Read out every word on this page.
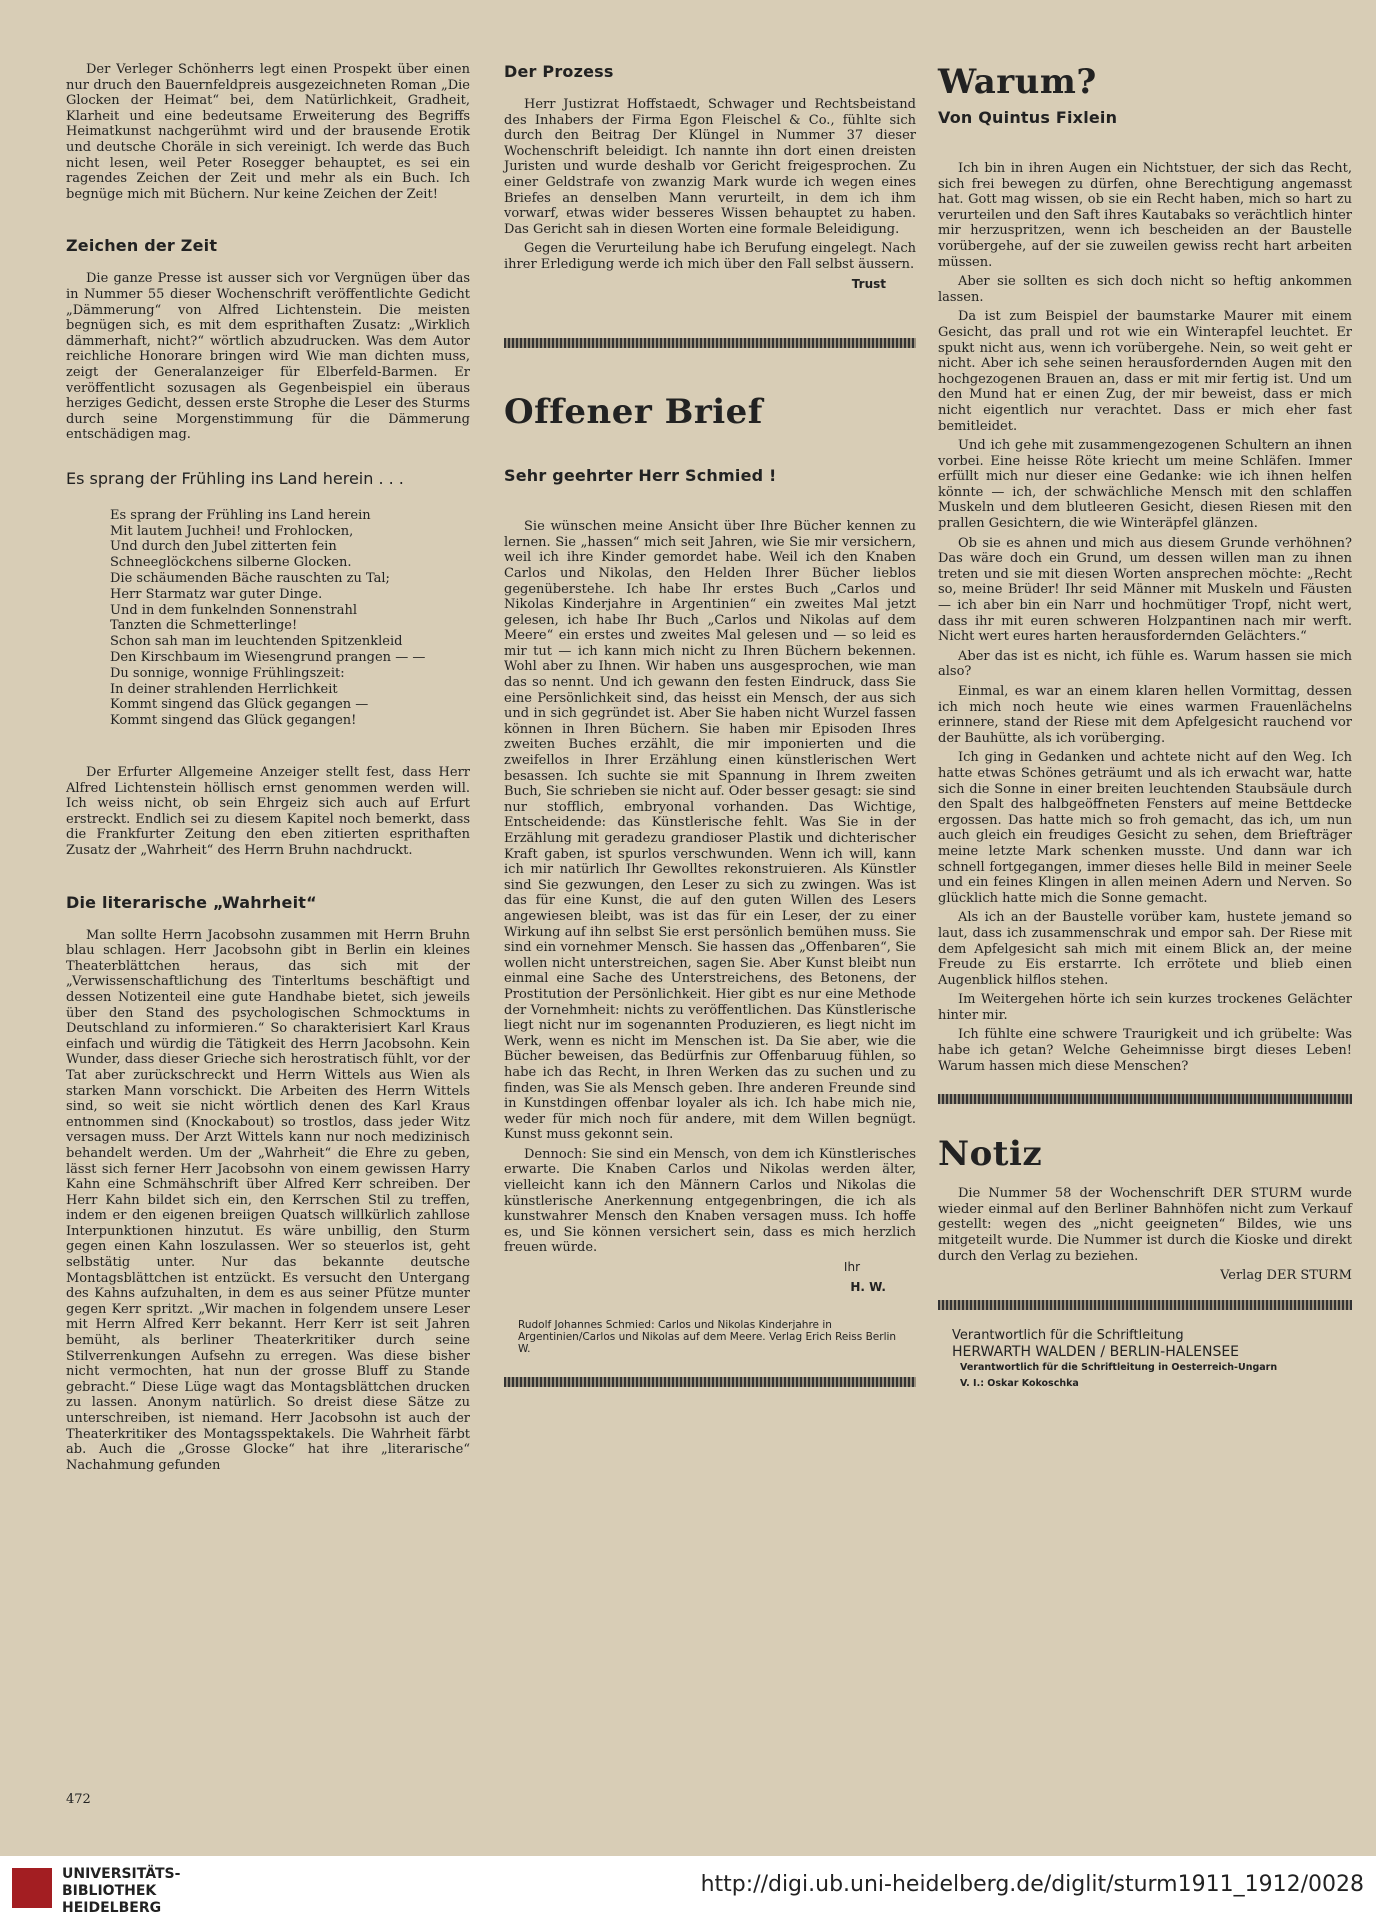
Der Verleger Schönherrs legt einen Prospekt über einen nur druch den Bauernfeldpreis ausgezeichneten Roman „Die Glocken der Heimat“ bei, dem Natürlichkeit, Gradheit, Klarheit und eine bedeutsame Erweiterung des Begriffs Heimatkunst nachgerühmt wird und der brausende Erotik und deutsche Choräle in sich vereinigt. Ich werde das Buch nicht lesen, weil Peter Rosegger behauptet, es sei ein ragendes Zeichen der Zeit und mehr als ein Buch. Ich begnüge mich mit Büchern. Nur keine Zeichen der Zeit!

Zeichen der Zeit

Die ganze Presse ist ausser sich vor Vergnügen über das in Nummer 55 dieser Wochenschrift veröffentlichte Gedicht „Dämmerung“ von Alfred Lichtenstein. Die meisten begnügen sich, es mit dem esprithaften Zusatz: „Wirklich dämmerhaft, nicht?“ wörtlich abzudrucken. Was dem Autor reichliche Honorare bringen wird Wie man dichten muss, zeigt der Generalanzeiger für Elberfeld-Barmen. Er veröffentlicht sozusagen als Gegenbeispiel ein überaus herziges Gedicht, dessen erste Strophe die Leser des Sturms durch seine Morgenstimmung für die Dämmerung entschädigen mag.

Es sprang der Frühling ins Land herein . . .
Es sprang der Frühling ins Land herein
Mit lautem Juchhei! und Frohlocken,
Und durch den Jubel zitterten fein
Schneeglöckchens silberne Glocken.
Die schäumenden Bäche rauschten zu Tal;
Herr Starmatz war guter Dinge.
Und in dem funkelnden Sonnenstrahl
Tanzten die Schmetterlinge!
Schon sah man im leuchtenden Spitzenkleid
Den Kirschbaum im Wiesengrund prangen — —
Du sonnige, wonnige Frühlingszeit:
In deiner strahlenden Herrlichkeit
Kommt singend das Glück gegangen —
Kommt singend das Glück gegangen!

Der Erfurter Allgemeine Anzeiger stellt fest, dass Herr Alfred Lichtenstein höllisch ernst genommen werden will. Ich weiss nicht, ob sein Ehrgeiz sich auch auf Erfurt erstreckt. Endlich sei zu diesem Kapitel noch bemerkt, dass die Frankfurter Zeitung den eben zitierten esprithaften Zusatz der „Wahrheit“ des Herrn Bruhn nachdruckt.

Die literarische „Wahrheit“

Man sollte Herrn Jacobsohn zusammen mit Herrn Bruhn blau schlagen. Herr Jacobsohn gibt in Berlin ein kleines Theaterblättchen heraus, das sich mit der „Verwissenschaftlichung des Tinterltums beschäftigt und dessen Notizenteil eine gute Handhabe bietet, sich jeweils über den Stand des psychologischen Schmocktums in Deutschland zu informieren.“ So charakterisiert Karl Kraus einfach und würdig die Tätigkeit des Herrn Jacobsohn. Kein Wunder, dass dieser Grieche sich herostratisch fühlt, vor der Tat aber zurückschreckt und Herrn Wittels aus Wien als starken Mann vorschickt. Die Arbeiten des Herrn Wittels sind, so weit sie nicht wörtlich denen des Karl Kraus entnommen sind (Knockabout) so trostlos, dass jeder Witz versagen muss. Der Arzt Wittels kann nur noch medizinisch behandelt werden. Um der „Wahrheit“ die Ehre zu geben, lässt sich ferner Herr Jacobsohn von einem gewissen Harry Kahn eine Schmähschrift über Alfred Kerr schreiben. Der Herr Kahn bildet sich ein, den Kerrschen Stil zu treffen, indem er den eigenen breiigen Quatsch willkürlich zahllose Interpunktionen hinzutut. Es wäre unbillig, den Sturm gegen einen Kahn loszulassen. Wer so steuerlos ist, geht selbstätig unter. Nur das bekannte deutsche Montagsblättchen ist entzückt. Es versucht den Untergang des Kahns aufzuhalten, in dem es aus seiner Pfütze munter gegen Kerr spritzt. „Wir machen in folgendem unsere Leser mit Herrn Alfred Kerr bekannt. Herr Kerr ist seit Jahren bemüht, als berliner Theaterkritiker durch seine Stilverrenkungen Aufsehn zu erregen. Was diese bisher nicht vermochten, hat nun der grosse Bluff zu Stande gebracht.“ Diese Lüge wagt das Montagsblättchen drucken zu lassen. Anonym natürlich. So dreist diese Sätze zu unterschreiben, ist niemand. Herr Jacobsohn ist auch der Theaterkritiker des Montagsspektakels. Die Wahrheit färbt ab. Auch die „Grosse Glocke“ hat ihre „literarische“ Nachahmung gefunden

472
Der Prozess

Herr Justizrat Hoffstaedt, Schwager und Rechtsbeistand des Inhabers der Firma Egon Fleischel & Co., fühlte sich durch den Beitrag Der Klüngel in Nummer 37 dieser Wochenschrift beleidigt. Ich nannte ihn dort einen dreisten Juristen und wurde deshalb vor Gericht freigesprochen. Zu einer Geldstrafe von zwanzig Mark wurde ich wegen eines Briefes an denselben Mann verurteilt, in dem ich ihm vorwarf, etwas wider besseres Wissen behauptet zu haben. Das Gericht sah in diesen Worten eine formale Beleidigung.

Gegen die Verurteilung habe ich Berufung eingelegt. Nach ihrer Erledigung werde ich mich über den Fall selbst äussern.

Trust

Offener Brief
Sehr geehrter Herr Schmied !

Sie wünschen meine Ansicht über Ihre Bücher kennen zu lernen. Sie „hassen“ mich seit Jahren, wie Sie mir versichern, weil ich ihre Kinder gemordet habe. Weil ich den Knaben Carlos und Nikolas, den Helden Ihrer Bücher lieblos gegenüberstehe. Ich habe Ihr erstes Buch „Carlos und Nikolas Kinderjahre in Argentinien“ ein zweites Mal jetzt gelesen, ich habe Ihr Buch „Carlos und Nikolas auf dem Meere“ ein erstes und zweites Mal gelesen und — so leid es mir tut — ich kann mich nicht zu Ihren Büchern bekennen. Wohl aber zu Ihnen. Wir haben uns ausgesprochen, wie man das so nennt. Und ich gewann den festen Eindruck, dass Sie eine Persönlichkeit sind, das heisst ein Mensch, der aus sich und in sich gegründet ist. Aber Sie haben nicht Wurzel fassen können in Ihren Büchern. Sie haben mir Episoden Ihres zweiten Buches erzählt, die mir imponierten und die zweifellos in Ihrer Erzählung einen künstlerischen Wert besassen. Ich suchte sie mit Spannung in Ihrem zweiten Buch, Sie schrieben sie nicht auf. Oder besser gesagt: sie sind nur stofflich, embryonal vorhanden. Das Wichtige, Entscheidende: das Künstlerische fehlt. Was Sie in der Erzählung mit geradezu grandioser Plastik und dichterischer Kraft gaben, ist spurlos verschwunden. Wenn ich will, kann ich mir natürlich Ihr Gewolltes rekonstruieren. Als Künstler sind Sie gezwungen, den Leser zu sich zu zwingen. Was ist das für eine Kunst, die auf den guten Willen des Lesers angewiesen bleibt, was ist das für ein Leser, der zu einer Wirkung auf ihn selbst Sie erst persönlich bemühen muss. Sie sind ein vornehmer Mensch. Sie hassen das „Offenbaren“, Sie wollen nicht unterstreichen, sagen Sie. Aber Kunst bleibt nun einmal eine Sache des Unterstreichens, des Betonens, der Prostitution der Persönlichkeit. Hier gibt es nur eine Methode der Vornehmheit: nichts zu veröffentlichen. Das Künstlerische liegt nicht nur im sogenannten Produzieren, es liegt nicht im Werk, wenn es nicht im Menschen ist. Da Sie aber, wie die Bücher beweisen, das Bedürfnis zur Offenbaruug fühlen, so habe ich das Recht, in Ihren Werken das zu suchen und zu finden, was Sie als Mensch geben. Ihre anderen Freunde sind in Kunstdingen offenbar loyaler als ich. Ich habe mich nie, weder für mich noch für andere, mit dem Willen begnügt. Kunst muss gekonnt sein.

Dennoch: Sie sind ein Mensch, von dem ich Künstlerisches erwarte. Die Knaben Carlos und Nikolas werden älter, vielleicht kann ich den Männern Carlos und Nikolas die künstlerische Anerkennung entgegenbringen, die ich als kunstwahrer Mensch den Knaben versagen muss. Ich hoffe es, und Sie können versichert sein, dass es mich herzlich freuen würde.

Ihr

H. W.

Rudolf Johannes Schmied: Carlos und Nikolas Kinderjahre in Argentinien/Carlos und Nikolas auf dem Meere. Verlag Erich Reiss Berlin W.

Warum?
Von Quintus Fixlein

Ich bin in ihren Augen ein Nichtstuer, der sich das Recht, sich frei bewegen zu dürfen, ohne Berechtigung angemasst hat. Gott mag wissen, ob sie ein Recht haben, mich so hart zu verurteilen und den Saft ihres Kautabaks so verächtlich hinter mir herzuspritzen, wenn ich bescheiden an der Baustelle vorübergehe, auf der sie zuweilen gewiss recht hart arbeiten müssen.

Aber sie sollten es sich doch nicht so heftig ankommen lassen.

Da ist zum Beispiel der baumstarke Maurer mit einem Gesicht, das prall und rot wie ein Winterapfel leuchtet. Er spukt nicht aus, wenn ich vorübergehe. Nein, so weit geht er nicht. Aber ich sehe seinen herausfordernden Augen mit den hochgezogenen Brauen an, dass er mit mir fertig ist. Und um den Mund hat er einen Zug, der mir beweist, dass er mich nicht eigentlich nur verachtet. Dass er mich eher fast bemitleidet.

Und ich gehe mit zusammengezogenen Schultern an ihnen vorbei. Eine heisse Röte kriecht um meine Schläfen. Immer erfüllt mich nur dieser eine Gedanke: wie ich ihnen helfen könnte — ich, der schwächliche Mensch mit den schlaffen Muskeln und dem blutleeren Gesicht, diesen Riesen mit den prallen Gesichtern, die wie Winteräpfel glänzen.

Ob sie es ahnen und mich aus diesem Grunde verhöhnen? Das wäre doch ein Grund, um dessen willen man zu ihnen treten und sie mit diesen Worten ansprechen möchte: „Recht so, meine Brüder! Ihr seid Männer mit Muskeln und Fäusten — ich aber bin ein Narr und hochmütiger Tropf, nicht wert, dass ihr mit euren schweren Holzpantinen nach mir werft. Nicht wert eures harten herausfordernden Gelächters.“

Aber das ist es nicht, ich fühle es. Warum hassen sie mich also?

Einmal, es war an einem klaren hellen Vormittag, dessen ich mich noch heute wie eines warmen Frauenlächelns erinnere, stand der Riese mit dem Apfelgesicht rauchend vor der Bauhütte, als ich vorüberging.

Ich ging in Gedanken und achtete nicht auf den Weg. Ich hatte etwas Schönes geträumt und als ich erwacht war, hatte sich die Sonne in einer breiten leuchtenden Staubsäule durch den Spalt des halbgeöffneten Fensters auf meine Bettdecke ergossen. Das hatte mich so froh gemacht, das ich, um nun auch gleich ein freudiges Gesicht zu sehen, dem Briefträger meine letzte Mark schenken musste. Und dann war ich schnell fortgegangen, immer dieses helle Bild in meiner Seele und ein feines Klingen in allen meinen Adern und Nerven. So glücklich hatte mich die Sonne gemacht.

Als ich an der Baustelle vorüber kam, hustete jemand so laut, dass ich zusammenschrak und empor sah. Der Riese mit dem Apfelgesicht sah mich mit einem Blick an, der meine Freude zu Eis erstarrte. Ich errötete und blieb einen Augenblick hilflos stehen.

Im Weitergehen hörte ich sein kurzes trockenes Gelächter hinter mir.

Ich fühlte eine schwere Traurigkeit und ich grübelte: Was habe ich getan? Welche Geheimnisse birgt dieses Leben! Warum hassen mich diese Menschen?

Notiz

Die Nummer 58 der Wochenschrift DER STURM wurde wieder einmal auf den Berliner Bahnhöfen nicht zum Verkauf gestellt: wegen des „nicht geeigneten“ Bildes, wie uns mitgeteilt wurde. Die Nummer ist durch die Kioske und direkt durch den Verlag zu beziehen.

Verlag DER STURM

Verantwortlich für die Schriftleitung

HERWARTH WALDEN / BERLIN-HALENSEE

Verantwortlich für die Schriftleitung in Oesterreich-Ungarn

V. I.: Oskar Kokoschka

UNIVERSITÄTS-
BIBLIOTHEK
HEIDELBERG
http://digi.ub.uni-heidelberg.de/diglit/sturm1911_1912/0028
